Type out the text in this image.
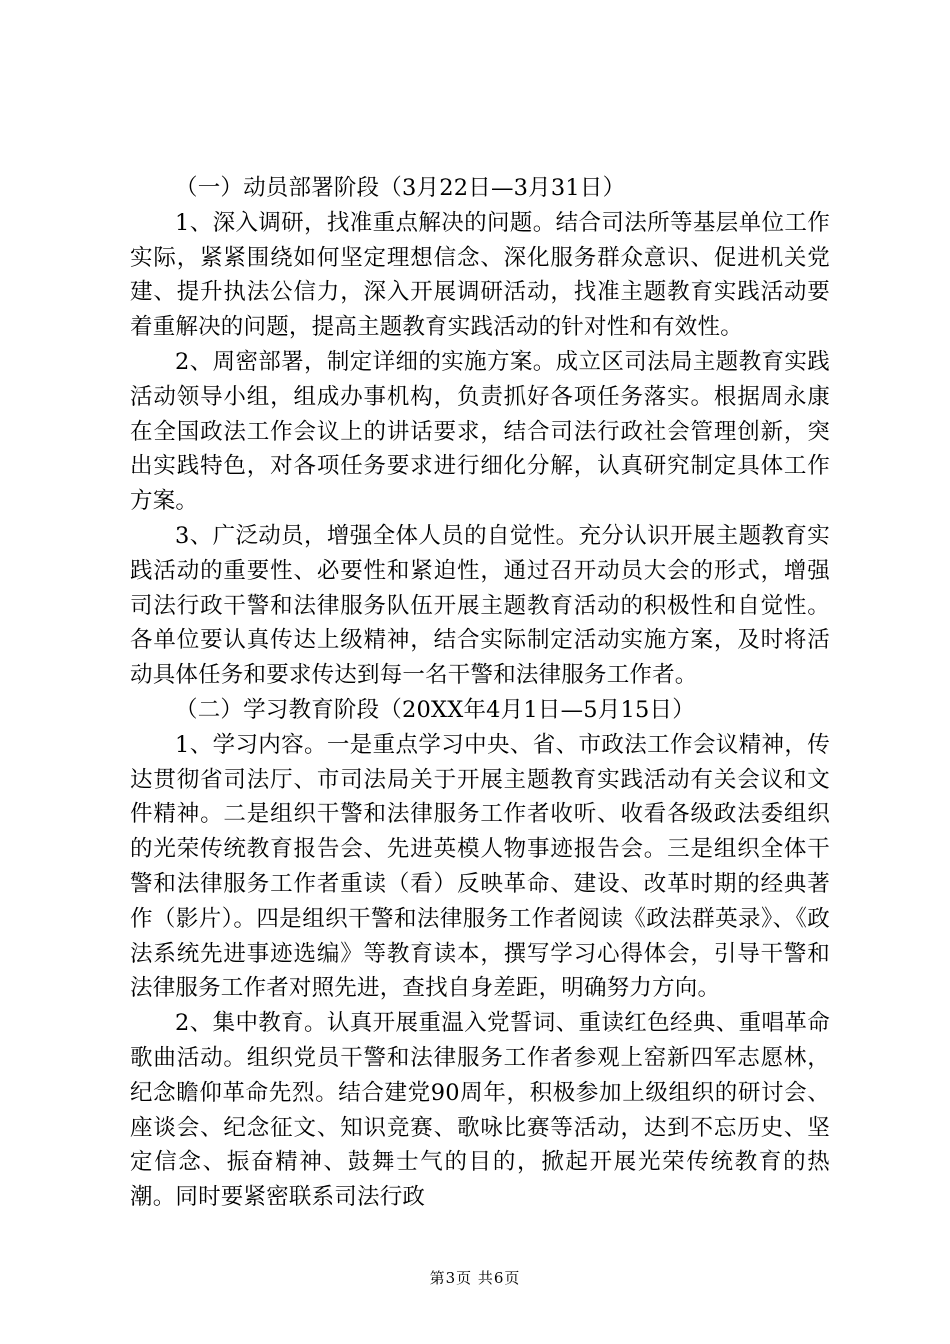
（一）动员部署阶段（3月22日—3月31日）

1、深入调研，找准重点解决的问题。结合司法所等基层单位工作实际，紧紧围绕如何坚定理想信念、深化服务群众意识、促进机关党建、提升执法公信力，深入开展调研活动，找准主题教育实践活动要着重解决的问题，提高主题教育实践活动的针对性和有效性。

2、周密部署，制定详细的实施方案。成立区司法局主题教育实践活动领导小组，组成办事机构，负责抓好各项任务落实。根据周永康在全国政法工作会议上的讲话要求，结合司法行政社会管理创新，突出实践特色，对各项任务要求进行细化分解，认真研究制定具体工作方案。

3、广泛动员，增强全体人员的自觉性。充分认识开展主题教育实践活动的重要性、必要性和紧迫性，通过召开动员大会的形式，增强司法行政干警和法律服务队伍开展主题教育活动的积极性和自觉性。各单位要认真传达上级精神，结合实际制定活动实施方案，及时将活动具体任务和要求传达到每一名干警和法律服务工作者。

（二）学习教育阶段（20XX年4月1日—5月15日）

1、学习内容。一是重点学习中央、省、市政法工作会议精神，传达贯彻省司法厅、市司法局关于开展主题教育实践活动有关会议和文件精神。二是组织干警和法律服务工作者收听、收看各级政法委组织的光荣传统教育报告会、先进英模人物事迹报告会。三是组织全体干警和法律服务工作者重读（看）反映革命、建设、改革时期的经典著作（影片）。四是组织干警和法律服务工作者阅读《政法群英录》、《政法系统先进事迹选编》等教育读本，撰写学习心得体会，引导干警和法律服务工作者对照先进，查找自身差距，明确努力方向。

2、集中教育。认真开展重温入党誓词、重读红色经典、重唱革命歌曲活动。组织党员干警和法律服务工作者参观上窑新四军志愿林，纪念瞻仰革命先烈。结合建党90周年，积极参加上级组织的研讨会、座谈会、纪念征文、知识竞赛、歌咏比赛等活动，达到不忘历史、坚定信念、振奋精神、鼓舞士气的目的，掀起开展光荣传统教育的热潮。同时要紧密联系司法行政

第3页 共6页
